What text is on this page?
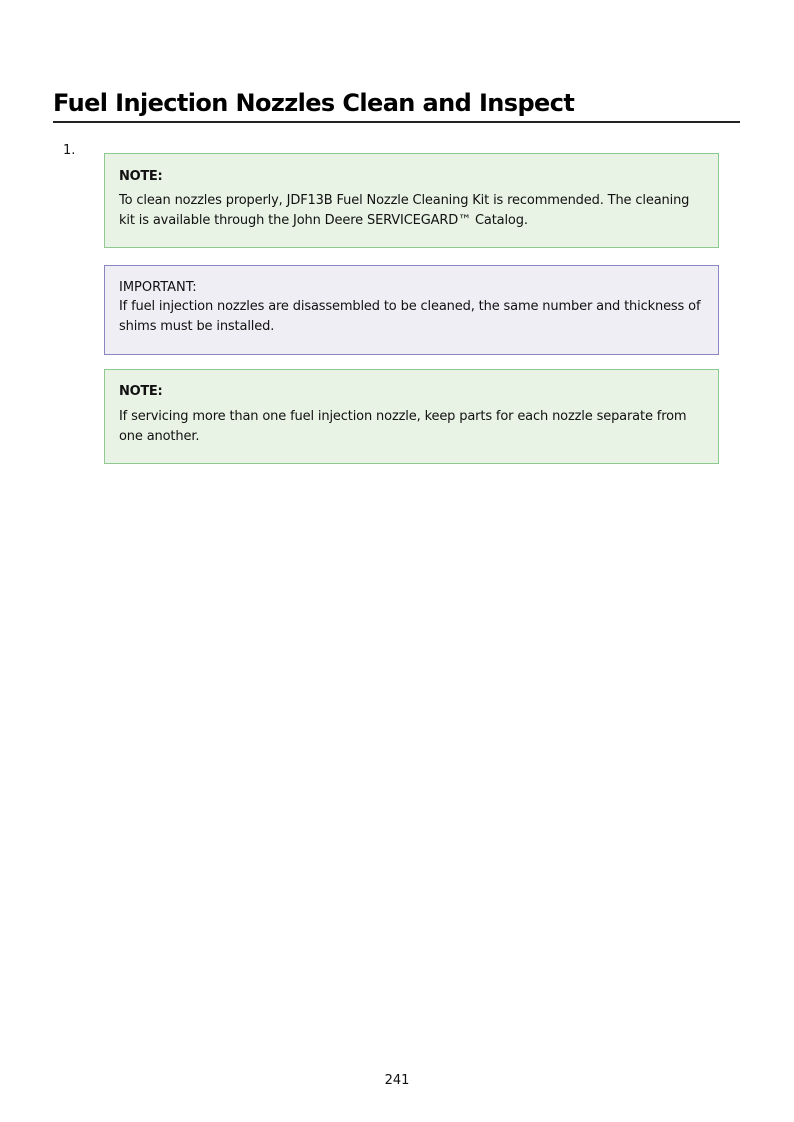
Fuel Injection Nozzles Clean and Inspect
1.
NOTE:
To clean nozzles properly, JDF13B Fuel Nozzle Cleaning Kit is recommended. The cleaning kit is available through the John Deere SERVICEGARD™ Catalog.
IMPORTANT:
If fuel injection nozzles are disassembled to be cleaned, the same number and thickness of shims must be installed.
NOTE:
If servicing more than one fuel injection nozzle, keep parts for each nozzle separate from one another.
241
